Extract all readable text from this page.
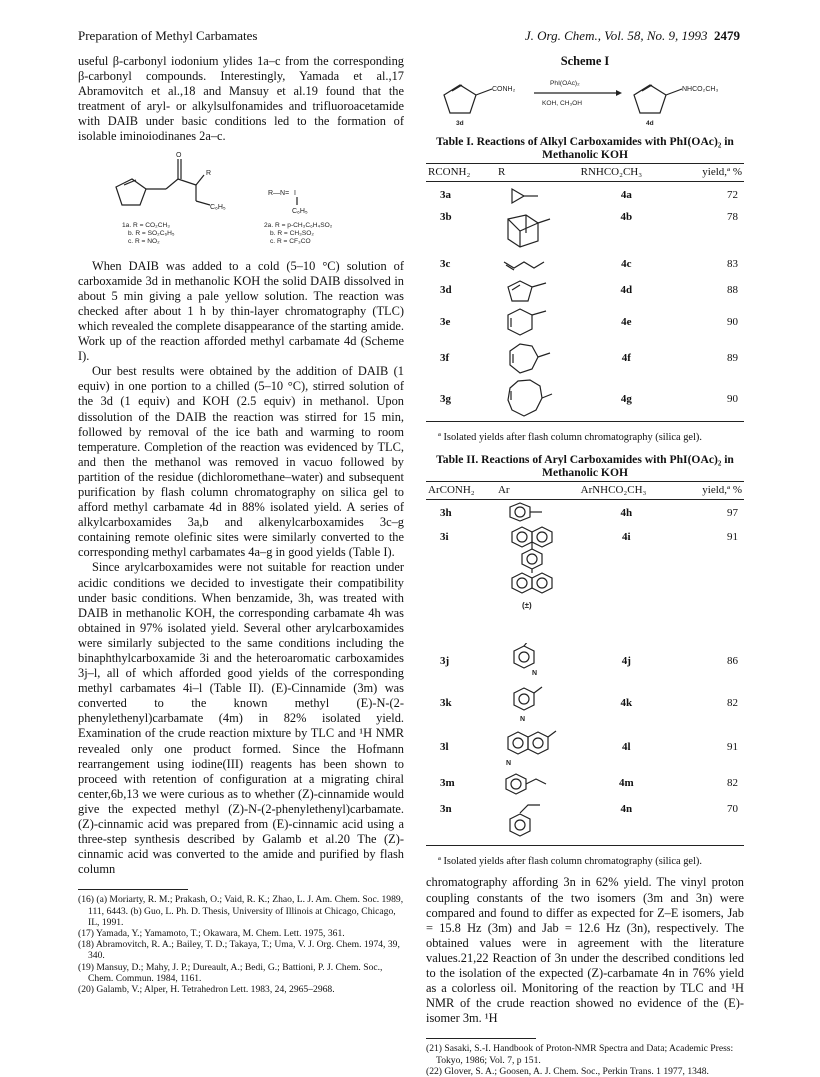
Preparation of Methyl Carbamates	J. Org. Chem., Vol. 58, No. 9, 1993 2479

useful β-carbonyl iodonium ylides 1a–c from the corresponding β-carbonyl compounds. Interestingly, Yamada et al.,17 Abramovitch et al.,18 and Mansuy et al.19 found that the treatment of aryl- or alkylsulfonamides and trifluoroacetamide with DAIB under basic conditions led to the formation of isolable iminoiodinanes 2a–c.

O
R
C₆H₅
1a. R = CO₂CH₃
b. R = SO₂C₆H₅
c. R = NO₂
R—N= I
C₆H₅
2a. R = p-CH₃C₆H₄SO₂
b. R = CH₃SO₂
c. R = CF₃CO

When DAIB was added to a cold (5–10 °C) solution of carboxamide 3d in methanolic KOH the solid DAIB dissolved in about 5 min giving a pale yellow solution. The reaction was checked after about 1 h by thin-layer chromatography (TLC) which revealed the complete disappearance of the starting amide. Work up of the reaction afforded methyl carbamate 4d (Scheme I).

Our best results were obtained by the addition of DAIB (1 equiv) in one portion to a chilled (5–10 °C), stirred solution of the 3d (1 equiv) and KOH (2.5 equiv) in methanol. Upon dissolution of the DAIB the reaction was stirred for 15 min, followed by removal of the ice bath and warming to room temperature. Completion of the reaction was evidenced by TLC, and then the methanol was removed in vacuo followed by partition of the residue (dichloromethane–water) and subsequent purification by flash column chromatography on silica gel to afford methyl carbamate 4d in 88% isolated yield. A series of alkylcarboxamides 3a,b and alkenylcarboxamides 3c–g containing remote olefinic sites were similarly converted to the corresponding methyl carbamates 4a–g in good yields (Table I).

Since arylcarboxamides were not suitable for reaction under acidic conditions we decided to investigate their compatibility under basic conditions. When benzamide, 3h, was treated with DAIB in methanolic KOH, the corresponding carbamate 4h was obtained in 97% isolated yield. Several other arylcarboxamides were similarly subjected to the same conditions including the binaphthylcarboxamide 3i and the heteroaromatic carboxamides 3j–l, all of which afforded good yields of the corresponding methyl carbamates 4i–l (Table II). (E)-Cinnamide (3m) was converted to the known methyl (E)-N-(2-phenylethenyl)carbamate (4m) in 82% isolated yield. Examination of the crude reaction mixture by TLC and ¹H NMR revealed only one product formed. Since the Hofmann rearrangement using iodine(III) reagents has been shown to proceed with retention of configuration at a migrating chiral center,6b,13 we were curious as to whether (Z)-cinnamide would give the expected methyl (Z)-N-(2-phenylethenyl)carbamate. (Z)-cinnamic acid was prepared from (E)-cinnamic acid using a three-step synthesis described by Galamb et al.20 The (Z)-cinnamic acid was converted to the amide and purified by flash column

(16) (a) Moriarty, R. M.; Prakash, O.; Vaid, R. K.; Zhao, L. J. Am. Chem. Soc. 1989, 111, 6443. (b) Guo, L. Ph. D. Thesis, University of Illinois at Chicago, Chicago, IL, 1991.
(17) Yamada, Y.; Yamamoto, T.; Okawara, M. Chem. Lett. 1975, 361.
(18) Abramovitch, R. A.; Bailey, T. D.; Takaya, T.; Uma, V. J. Org. Chem. 1974, 39, 340.
(19) Mansuy, D.; Mahy, J. P.; Dureault, A.; Bedi, G.; Battioni, P. J. Chem. Soc., Chem. Commun. 1984, 1161.
(20) Galamb, V.; Alper, H. Tetrahedron Lett. 1983, 24, 2965–2968.
Scheme I
CONH₂
3d
PhI(OAc)₂
KOH, CH₃OH
NHCO₂CH₃
4d
Table I. Reactions of Alkyl Carboxamides with PhI(OAc)₂ in Methanolic KOH
RCONH₂	R	RNHCO₂CH₃	yield,ª %
3a		4a	72
3b		4b	78
3c		4c	83
3d		4d	88
3e		4e	90
3f		4f	89
3g		4g	90
ª Isolated yields after flash column chromatography (silica gel).
Table II. Reactions of Aryl Carboxamides with PhI(OAc)₂ in Methanolic KOH
ArCONH₂	Ar	ArNHCO₂CH₃	yield,ª %
3h		4h	97
3i	(±)	4i	91
3j	N	4j	86
3k	N	4k	82
3l	N	4l	91
3m		4m	82
3n		4n	70
ª Isolated yields after flash column chromatography (silica gel).

chromatography affording 3n in 62% yield. The vinyl proton coupling constants of the two isomers (3m and 3n) were compared and found to differ as expected for Z–E isomers, Jab = 15.8 Hz (3m) and Jab = 12.6 Hz (3n), respectively. The obtained values were in agreement with the literature values.21,22 Reaction of 3n under the described conditions led to the isolation of the expected (Z)-carbamate 4n in 76% yield as a colorless oil. Monitoring of the reaction by TLC and ¹H NMR of the crude reaction showed no evidence of the (E)-isomer 3m. ¹H

(21) Sasaki, S.-I. Handbook of Proton-NMR Spectra and Data; Academic Press: Tokyo, 1986; Vol. 7, p 151.
(22) Glover, S. A.; Goosen, A. J. Chem. Soc., Perkin Trans. 1 1977, 1348.
